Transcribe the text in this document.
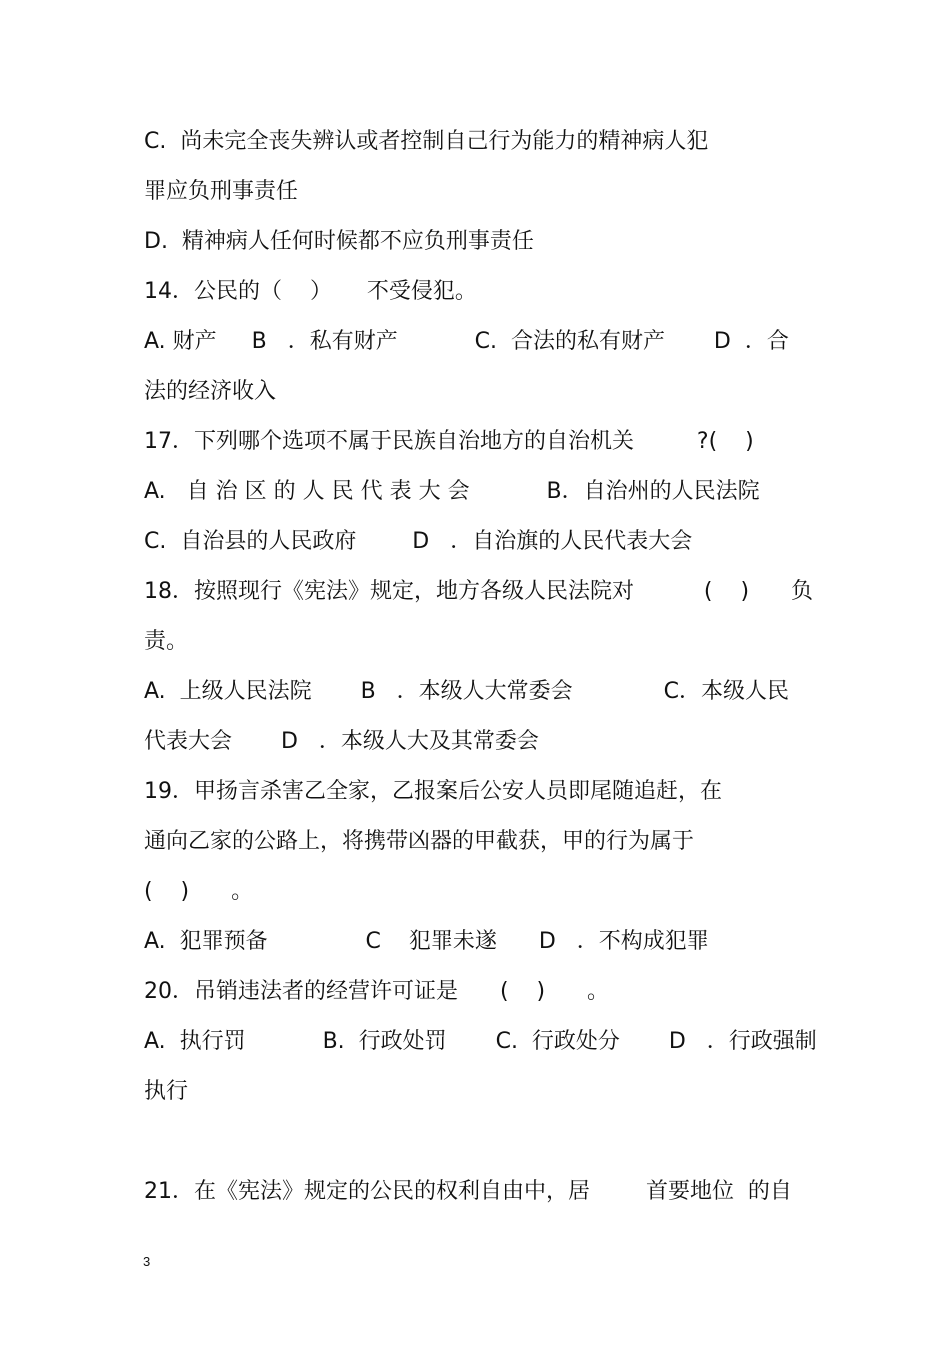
C.  尚未完全丧失辨认或者控制自己行为能力的精神病人犯
罪应负刑事责任
D.  精神病人任何时候都不应负刑事责任
14．公民的（    ）     不受侵犯。
A. 财产     B   ．私有财产           C.  合法的私有财产       D  ．合
法的经济收入
17．下列哪个选项不属于民族自治地方的自治机关         ?(    )
A.   自 治 区 的 人 民 代 表 大 会           B．自治州的人民法院
C.  自治县的人民政府        D   ．自治旗的人民代表大会
18．按照现行《宪法》规定，地方各级人民法院对          (    )      负
责。
A.  上级人民法院       B   ．本级人大常委会             C．本级人民
代表大会       D   ．本级人大及其常委会
19．甲扬言杀害乙全家，乙报案后公安人员即尾随追赶，在
通向乙家的公路上，将携带凶器的甲截获，甲的行为属于
(    )      。
A.  犯罪预备              C    犯罪未遂      D   ．不构成犯罪
20．吊销违法者的经营许可证是      (    )      。
A.  执行罚           B.  行政处罚       C.  行政处分       D   ．行政强制
执行
21．在《宪法》规定的公民的权利自由中，居        首要地位  的自
3
